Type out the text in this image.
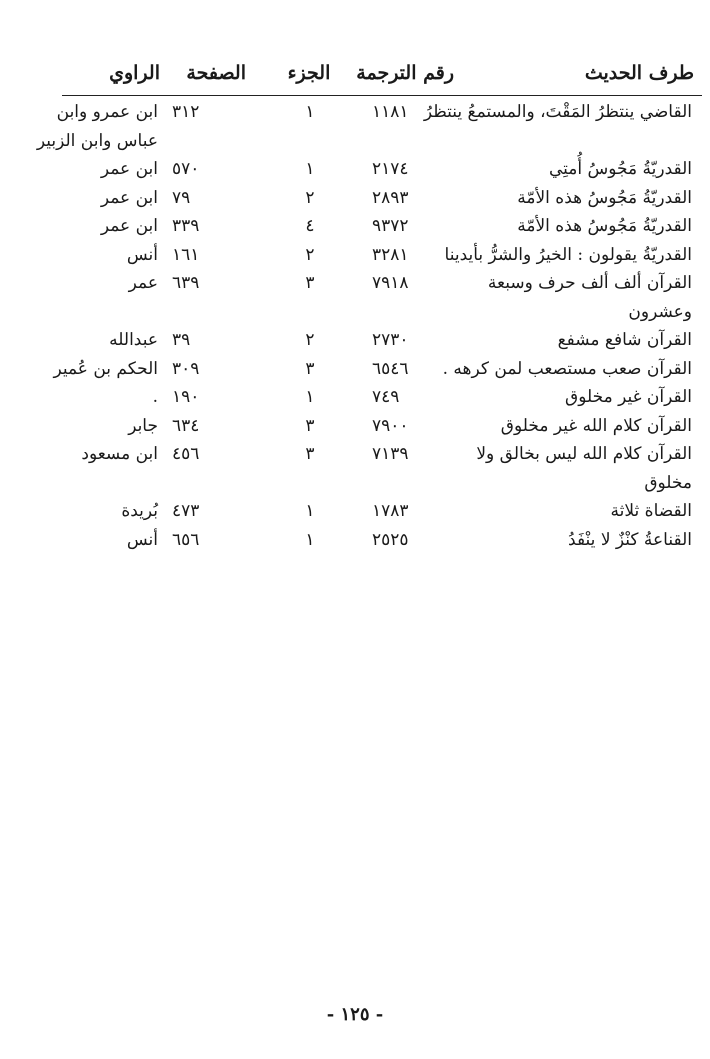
طرف الحديث
رقم الترجمة
الجزء
الصفحة
الراوي
القاضي ينتظرُ المَقْتَ، والمستمعُ ينتظرُ
١١٨١
١
٣١٢
ابن عمرو وابن
عباس وابن الزبير
القدريّةُ مَجُوسُ أُمتِي
٢١٧٤
١
٥٧٠
ابن عمر
القدريّةُ مَجُوسُ هذه الأمّة
٢٨٩٣
٢
٧٩
ابن عمر
القدريّةُ مَجُوسُ هذه الأمّة
٩٣٧٢
٤
٣٣٩
ابن عمر
القدريّةُ يقولون : الخيرُ والشرُّ بأيدينا
٣٢٨١
٢
١٦١
أنس
القرآن ألف ألف حرف وسبعة
٧٩١٨
٣
٦٣٩
عمر
وعشرون
القرآن شافع مشفع
٢٧٣٠
٢
٣٩
عبدالله
القرآن صعب مستصعب لمن كرهه .
٦٥٤٦
٣
٣٠٩
الحكم بن عُمير
القرآن غير مخلوق
٧٤٩
١
١٩٠
.
القرآن كلام الله غير مخلوق
٧٩٠٠
٣
٦٣٤
جابر
القرآن كلام الله ليس بخالق ولا
٧١٣٩
٣
٤٥٦
ابن مسعود
مخلوق
القضاة ثلاثة
١٧٨٣
١
٤٧٣
بُريدة
القناعةُ كنْزٌ لا ينْفَدُ
٢٥٢٥
١
٦٥٦
أنس
- ١٢٥ -
